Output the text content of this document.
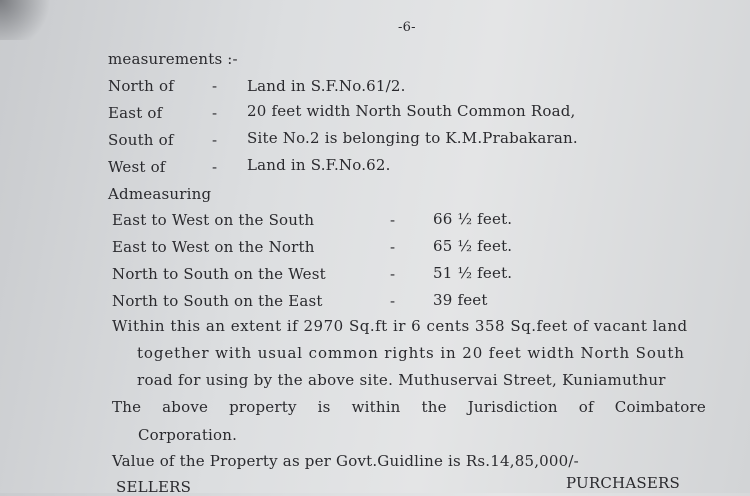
-6-
measurements :-
North of	- Land in S.F.No.61/2.
East of	- 20 feet width North South Common Road,
South of	- Site No.2 is belonging to K.M.Prabakaran.
West of	- Land in S.F.No.62.
Admeasuring
East to West on the South	-	66 ½ feet.
East to West on the North	-	65 ½ feet.
North to South on the West	-	51 ½ feet.
North to South on the East	-	39 feet
Within this an extent if 2970 Sq.ft ir 6 cents 358 Sq.feet of vacant land
together with usual common rights in 20 feet width North South
road for using by the above site. Muthuservai Street, Kuniamuthur
The above property is within the Jurisdiction of Coimbatore
Corporation.
Value of the Property as per Govt.Guidline is Rs.14,85,000/-
SELLERS	PURCHASERS
